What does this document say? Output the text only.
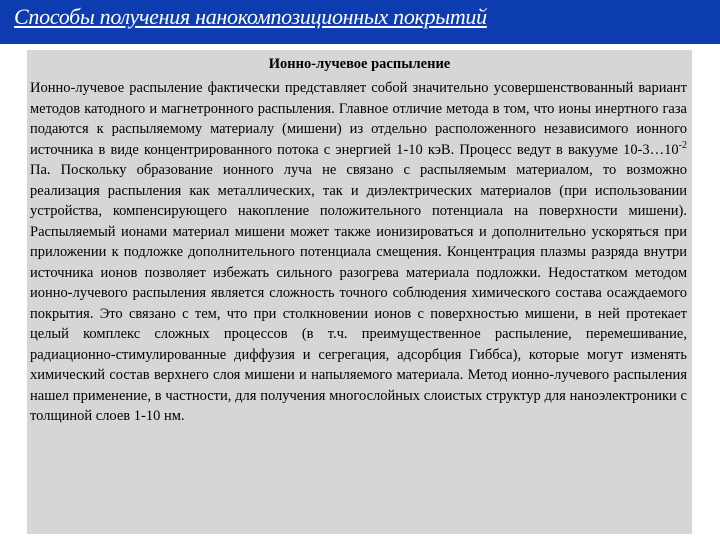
Способы получения нанокомпозиционных покрытий
Ионно-лучевое распыление
Ионно-лучевое распыление фактически представляет собой значительно усовершенствованный вариант методов катодного и магнетронного распыления. Главное отличие метода в том, что ионы инертного газа подаются к распыляемому материалу (мишени) из отдельно расположенного независимого ионного источника в виде концентрированного потока с энергией 1-10 кэВ. Процесс ведут в вакууме $10-3\dots 10^{-2}$ Па. Поскольку образование ионного луча не связано с распыляемым материалом, то возможно реализация распыления как металлических, так и диэлектрических материалов (при использовании устройства, компенсирующего накопление положительного потенциала на поверхности мишени). Распыляемый ионами материал мишени может также ионизироваться и дополнительно ускоряться при приложении к подложке дополнительного потенциала смещения. Концентрация плазмы разряда внутри источника ионов позволяет избежать сильного разогрева материала подложки. Недостатком методом ионно-лучевого распыления является сложность точного соблюдения химического состава осаждаемого покрытия. Это связано с тем, что при столкновении ионов с поверхностью мишени, в ней протекает целый комплекс сложных процессов (в т.ч. преимущественное распыление, перемешивание, радиационно-стимулированные диффузия и сегрегация, адсорбция Гиббса), которые могут изменять химический состав верхнего слоя мишени и напыляемого материала. Метод ионно-лучевого распыления нашел применение, в частности, для получения многослойных слоистых структур для наноэлектроники с толщиной слоев 1-10 нм.
